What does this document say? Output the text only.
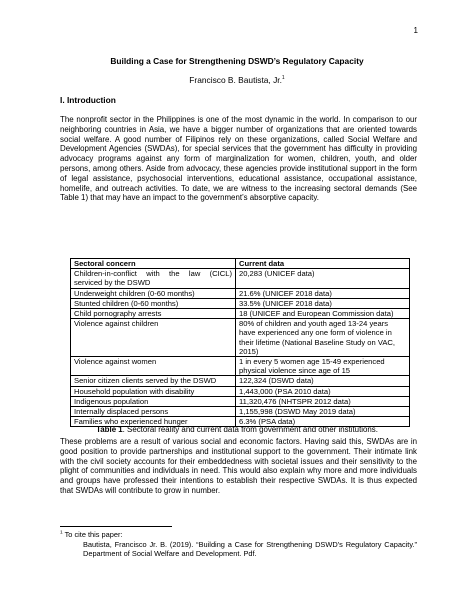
1
Building a Case for Strengthening DSWD’s Regulatory Capacity
Francisco B. Bautista, Jr.$^1$
I. Introduction

The nonprofit sector in the Philippines is one of the most dynamic in the world. In comparison to our neighboring countries in Asia, we have a bigger number of organizations that are oriented towards social welfare. A good number of Filipinos rely on these organizations, called Social Welfare and Development Agencies (SWDAs), for special services that the government has difficulty in providing advocacy programs against any form of marginalization for women, children, youth, and older persons, among others. Aside from advocacy, these agencies provide institutional support in the form of legal assistance, psychosocial interventions, educational assistance, occupational assistance, homelife, and outreach activities. To date, we are witness to the increasing sectoral demands (See Table 1) that may have an impact to the government’s absorptive capacity.

Sectoral concern	Current data
Children-in-conflict with the law (CICL) serviced by the DSWD	20,283 (UNICEF data)
Underweight children (0-60 months)	21.6% (UNICEF 2018 data)
Stunted children (0-60 months)	33.5% (UNICEF 2018 data)
Child pornography arrests	18 (UNICEF and European Commission data)
Violence against children	80% of children and youth aged 13-24 years have experienced any one form of violence in their lifetime (National Baseline Study on VAC, 2015)
Violence against women	1 in every 5 women age 15-49 experienced physical violence since age of 15
Senior citizen clients served by the DSWD	122,324 (DSWD data)
Household population with disability	1,443,000 (PSA 2010 data)
Indigenous population	11,320,476 (NHTSPR 2012 data)
Internally displaced persons	1,155,998 (DSWD May 2019 data)
Families who experienced hunger	6.3% (PSA data)
Table 1. Sectoral reality and current data from government and other institutions.

These problems are a result of various social and economic factors. Having said this, SWDAs are in good position to provide partnerships and institutional support to the government. Their intimate link with the civil society accounts for their embeddedness with societal issues and their sensitivity to the plight of communities and individuals in need. This would also explain why more and more individuals and groups have professed their intentions to establish their respective SWDAs. It is thus expected that SWDAs will contribute to grow in number.

$^1$ To cite this paper:
Bautista, Francisco Jr. B. (2019). “Building a Case for Strengthening DSWD’s Regulatory Capacity.” Department of Social Welfare and Development. Pdf.
